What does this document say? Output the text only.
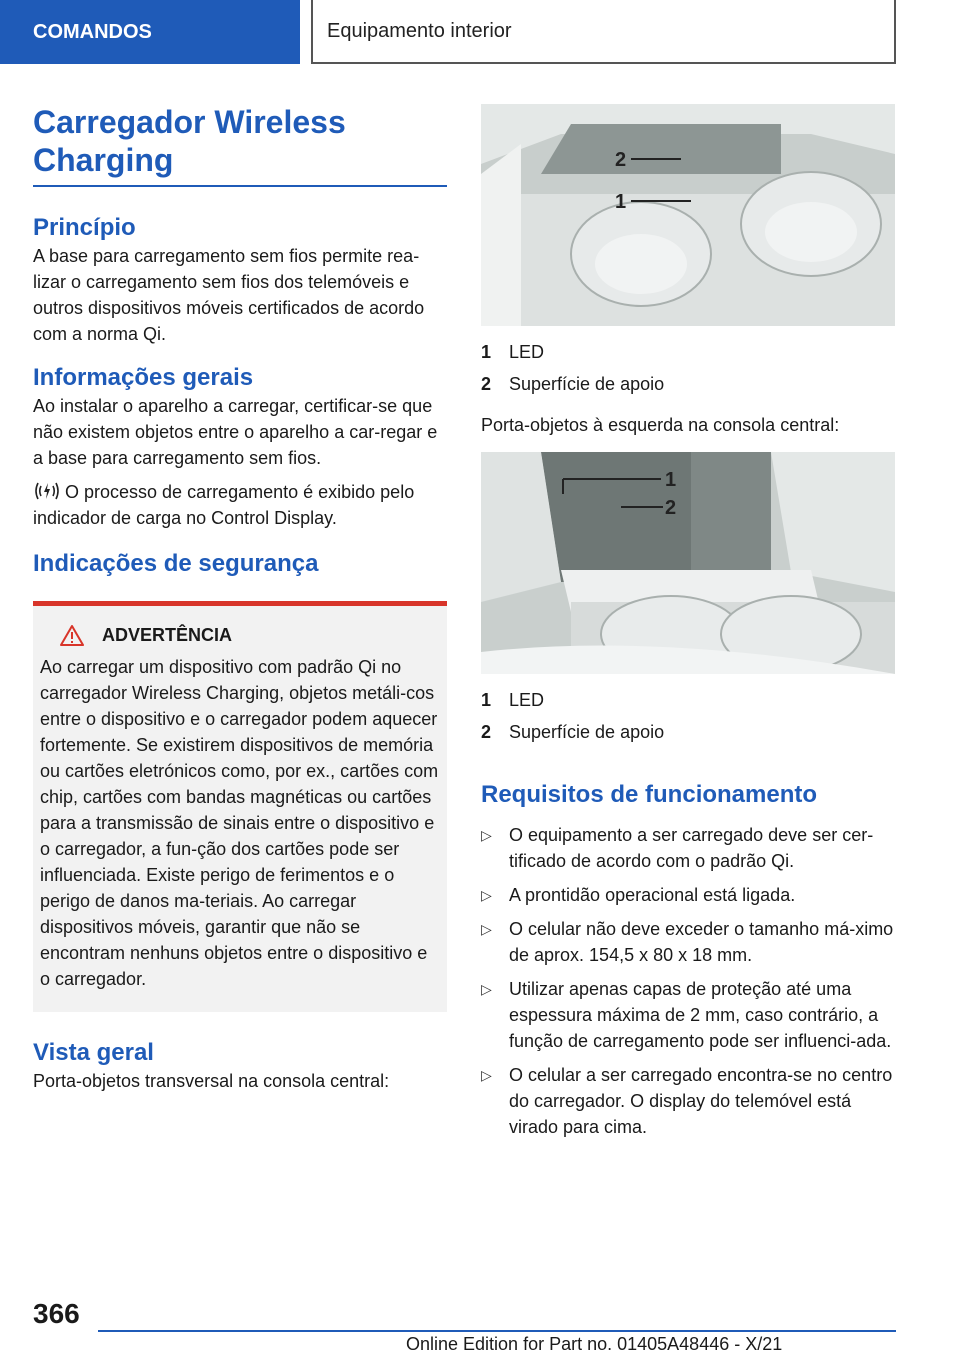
COMANDOS	Equipamento interior
Carregador Wireless Charging
Princípio

A base para carregamento sem fios permite rea-lizar o carregamento sem fios dos telemóveis e outros dispositivos móveis certificados de acordo com a norma Qi.

Informações gerais

Ao instalar o aparelho a carregar, certificar-se que não existem objetos entre o aparelho a car-regar e a base para carregamento sem fios.

O processo de carregamento é exibido pelo indicador de carga no Control Display.

Indicações de segurança
ADVERTÊNCIA

Ao carregar um dispositivo com padrão Qi no carregador Wireless Charging, objetos metáli-cos entre o dispositivo e o carregador podem aquecer fortemente. Se existirem dispositivos de memória ou cartões eletrónicos como, por ex., cartões com chip, cartões com bandas magnéticas ou cartões para a transmissão de sinais entre o dispositivo e o carregador, a fun-ção dos cartões pode ser influenciada. Existe perigo de ferimentos e o perigo de danos ma-teriais. Ao carregar dispositivos móveis, garantir que não se encontram nenhuns objetos entre o dispositivo e o carregador.

Vista geral

Porta-objetos transversal na consola central:

2
1
1 LED
2 Superfície de apoio

Porta-objetos à esquerda na consola central:

1
2
1 LED
2 Superfície de apoio
Requisitos de funcionamento
▷ O equipamento a ser carregado deve ser cer-tificado de acordo com o padrão Qi.
▷ A prontidão operacional está ligada.
▷ O celular não deve exceder o tamanho má-ximo de aprox. 154,5 x 80 x 18 mm.
▷ Utilizar apenas capas de proteção até uma espessura máxima de 2 mm, caso contrário, a função de carregamento pode ser influenci-ada.
▷ O celular a ser carregado encontra-se no centro do carregador. O display do telemóvel está virado para cima.
366
Online Edition for Part no. 01405A48446 - X/21
